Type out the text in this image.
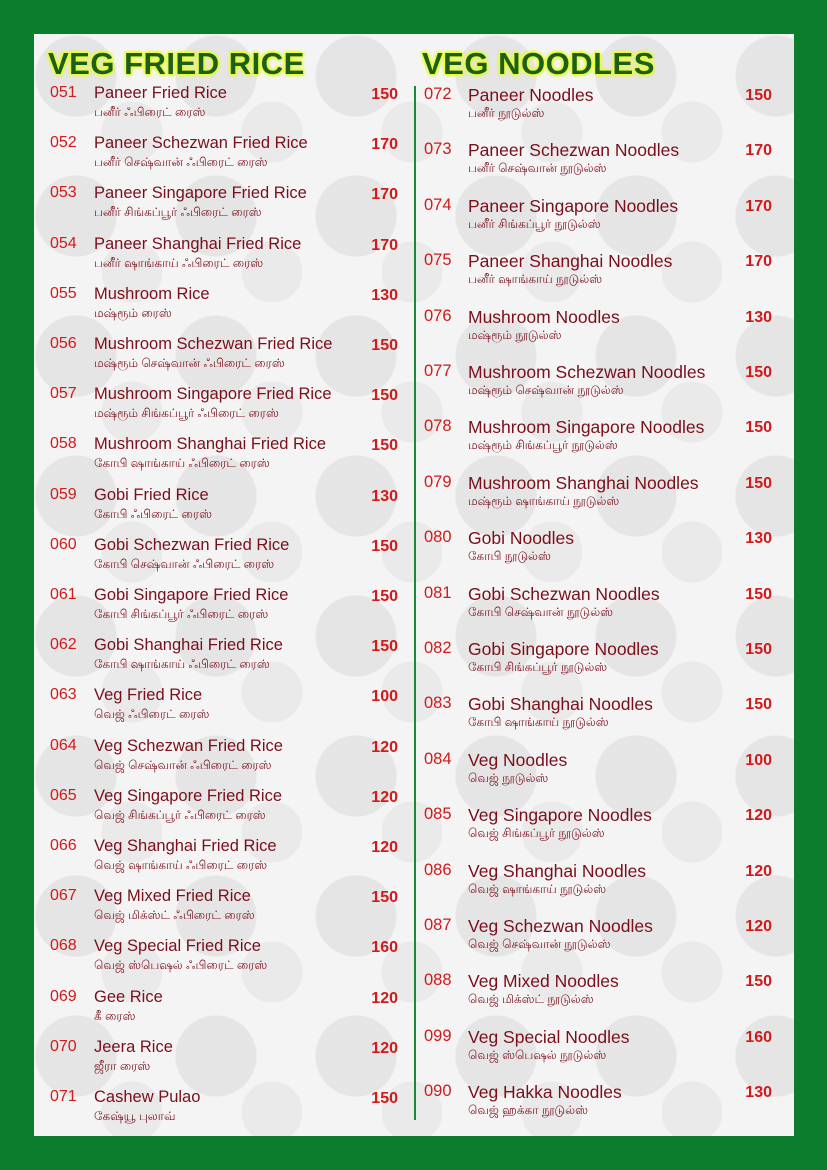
VEG FRIED RICE
051 Paneer Fried Rice
பனீர் ஃபிரைட் ரைஸ்
150
052 Paneer Schezwan Fried Rice
பனீர் செஷ்வான் ஃபிரைட் ரைஸ்
170
053 Paneer Singapore Fried Rice
பனீர் சிங்கப்பூர் ஃபிரைட் ரைஸ்
170
054 Paneer Shanghai Fried Rice
பனீர் ஷாங்காய் ஃபிரைட் ரைஸ்
170
055 Mushroom Rice
மஷ்ரூம் ரைஸ்
130
056 Mushroom Schezwan Fried Rice
மஷ்ரூம் செஷ்வான் ஃபிரைட் ரைஸ்
150
057 Mushroom Singapore Fried Rice
மஷ்ரூம் சிங்கப்பூர் ஃபிரைட் ரைஸ்
150
058 Mushroom Shanghai Fried Rice
கோபி ஷாங்காய் ஃபிரைட் ரைஸ்
150
059 Gobi Fried Rice
கோபி ஃபிரைட் ரைஸ்
130
060 Gobi Schezwan Fried Rice
கோபி செஷ்வான் ஃபிரைட் ரைஸ்
150
061 Gobi Singapore Fried Rice
கோபி சிங்கப்பூர் ஃபிரைட் ரைஸ்
150
062 Gobi Shanghai Fried Rice
கோபி ஷாங்காய் ஃபிரைட் ரைஸ்
150
063 Veg Fried Rice
வெஜ் ஃபிரைட் ரைஸ்
100
064 Veg Schezwan Fried Rice
வெஜ் செஷ்வான் ஃபிரைட் ரைஸ்
120
065 Veg Singapore Fried Rice
வெஜ் சிங்கப்பூர் ஃபிரைட் ரைஸ்
120
066 Veg Shanghai Fried Rice
வெஜ் ஷாங்காய் ஃபிரைட் ரைஸ்
120
067 Veg Mixed Fried Rice
வெஜ் மிக்ஸ்ட் ஃபிரைட் ரைஸ்
150
068 Veg Special Fried Rice
வெஜ் ஸ்பெஷல் ஃபிரைட் ரைஸ்
160
069 Gee Rice
கீ ரைஸ்
120
070 Jeera Rice
ஜீரா ரைஸ்
120
071 Cashew Pulao
கேஷ்யூ புலாவ்
150
VEG NOODLES
072 Paneer Noodles
பனீர் நூடுல்ஸ்
150
073 Paneer Schezwan Noodles
பனீர் செஷ்வான் நூடுல்ஸ்
170
074 Paneer Singapore Noodles
பனீர் சிங்கப்பூர் நூடுல்ஸ்
170
075 Paneer Shanghai Noodles
பனீர் ஷாங்காய் நூடுல்ஸ்
170
076 Mushroom Noodles
மஷ்ரூம் நூடுல்ஸ்
130
077 Mushroom Schezwan Noodles
மஷ்ரூம் செஷ்வான் நூடுல்ஸ்
150
078 Mushroom Singapore Noodles
மஷ்ரூம் சிங்கப்பூர் நூடுல்ஸ்
150
079 Mushroom Shanghai Noodles
மஷ்ரூம் ஷாங்காய் நூடுல்ஸ்
150
080 Gobi Noodles
கோபி நூடுல்ஸ்
130
081 Gobi Schezwan Noodles
கோபி செஷ்வான் நூடுல்ஸ்
150
082 Gobi Singapore Noodles
கோபி சிங்கப்பூர் நூடுல்ஸ்
150
083 Gobi Shanghai Noodles
கோபி ஷாங்காய் நூடுல்ஸ்
150
084 Veg Noodles
வெஜ் நூடுல்ஸ்
100
085 Veg Singapore Noodles
வெஜ் சிங்கப்பூர் நூடுல்ஸ்
120
086 Veg Shanghai Noodles
வெஜ் ஷாங்காய் நூடுல்ஸ்
120
087 Veg Schezwan Noodles
வெஜ் செஷ்வான் நூடுல்ஸ்
120
088 Veg Mixed Noodles
வெஜ் மிக்ஸ்ட் நூடுல்ஸ்
150
099 Veg Special Noodles
வெஜ் ஸ்பெஷல் நூடுல்ஸ்
160
090 Veg Hakka Noodles
வெஜ் ஹக்கா நூடுல்ஸ்
130
